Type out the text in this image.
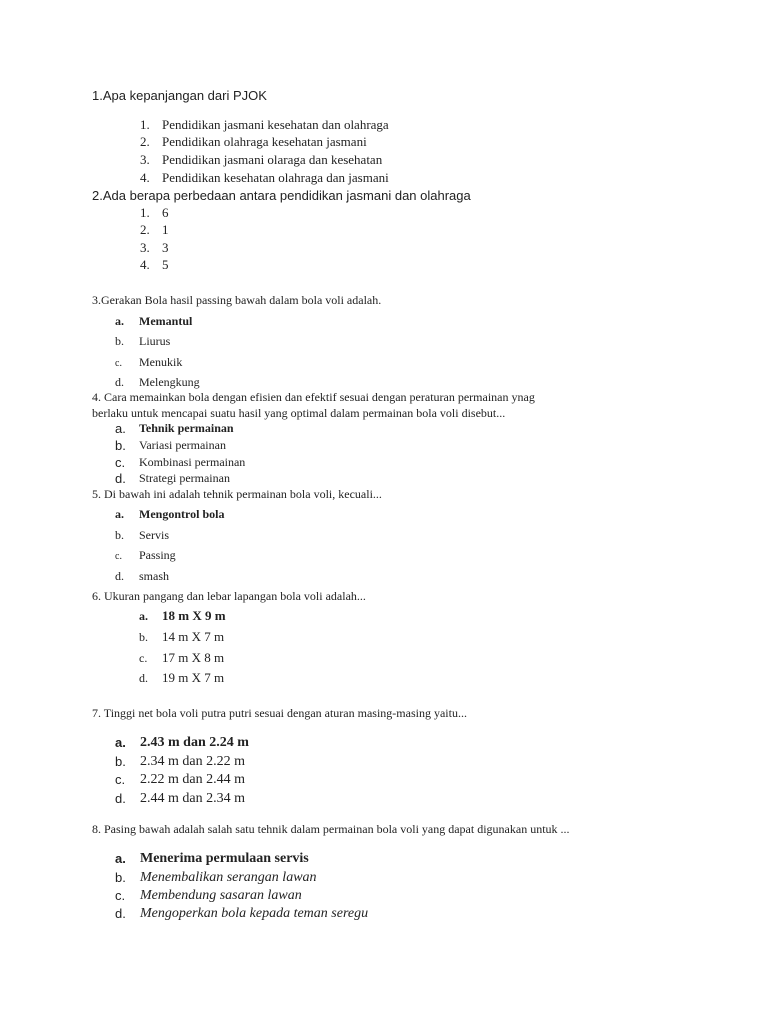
1.Apa kepanjangan dari PJOK
1. Pendidikan jasmani kesehatan dan olahraga
2. Pendidikan olahraga kesehatan jasmani
3. Pendidikan jasmani olaraga dan kesehatan
4. Pendidikan kesehatan olahraga dan jasmani
2.Ada berapa perbedaan antara pendidikan jasmani dan olahraga
1. 6
2. 1
3. 3
4. 5
3.Gerakan Bola hasil passing bawah dalam bola voli adalah.
a. Memantul
b. Liurus
c. Menukik
d. Melengkung
4. Cara memainkan bola dengan efisien dan efektif sesuai dengan peraturan permainan ynag
berlaku untuk mencapai suatu hasil yang optimal dalam permainan bola voli disebut...
a. Tehnik permainan
b. Variasi permainan
c. Kombinasi permainan
d. Strategi permainan
5. Di bawah ini adalah tehnik permainan bola voli, kecuali...
a. Mengontrol bola
b. Servis
c. Passing
d. smash
6. Ukuran pangang dan lebar lapangan bola voli adalah...
a. 18 m X 9 m
b. 14 m X 7 m
c. 17 m X 8 m
d. 19 m X 7 m
7. Tinggi net bola voli putra putri sesuai dengan aturan masing-masing yaitu...
a. 2.43 m dan 2.24 m
b. 2.34 m dan 2.22 m
c. 2.22 m dan 2.44 m
d. 2.44 m dan 2.34 m
8. Pasing bawah adalah salah satu tehnik dalam permainan bola voli yang dapat digunakan untuk ...
a. Menerima permulaan servis
b. Menembalikan serangan lawan
c. Membendung sasaran lawan
d. Mengoperkan bola kepada teman seregu
